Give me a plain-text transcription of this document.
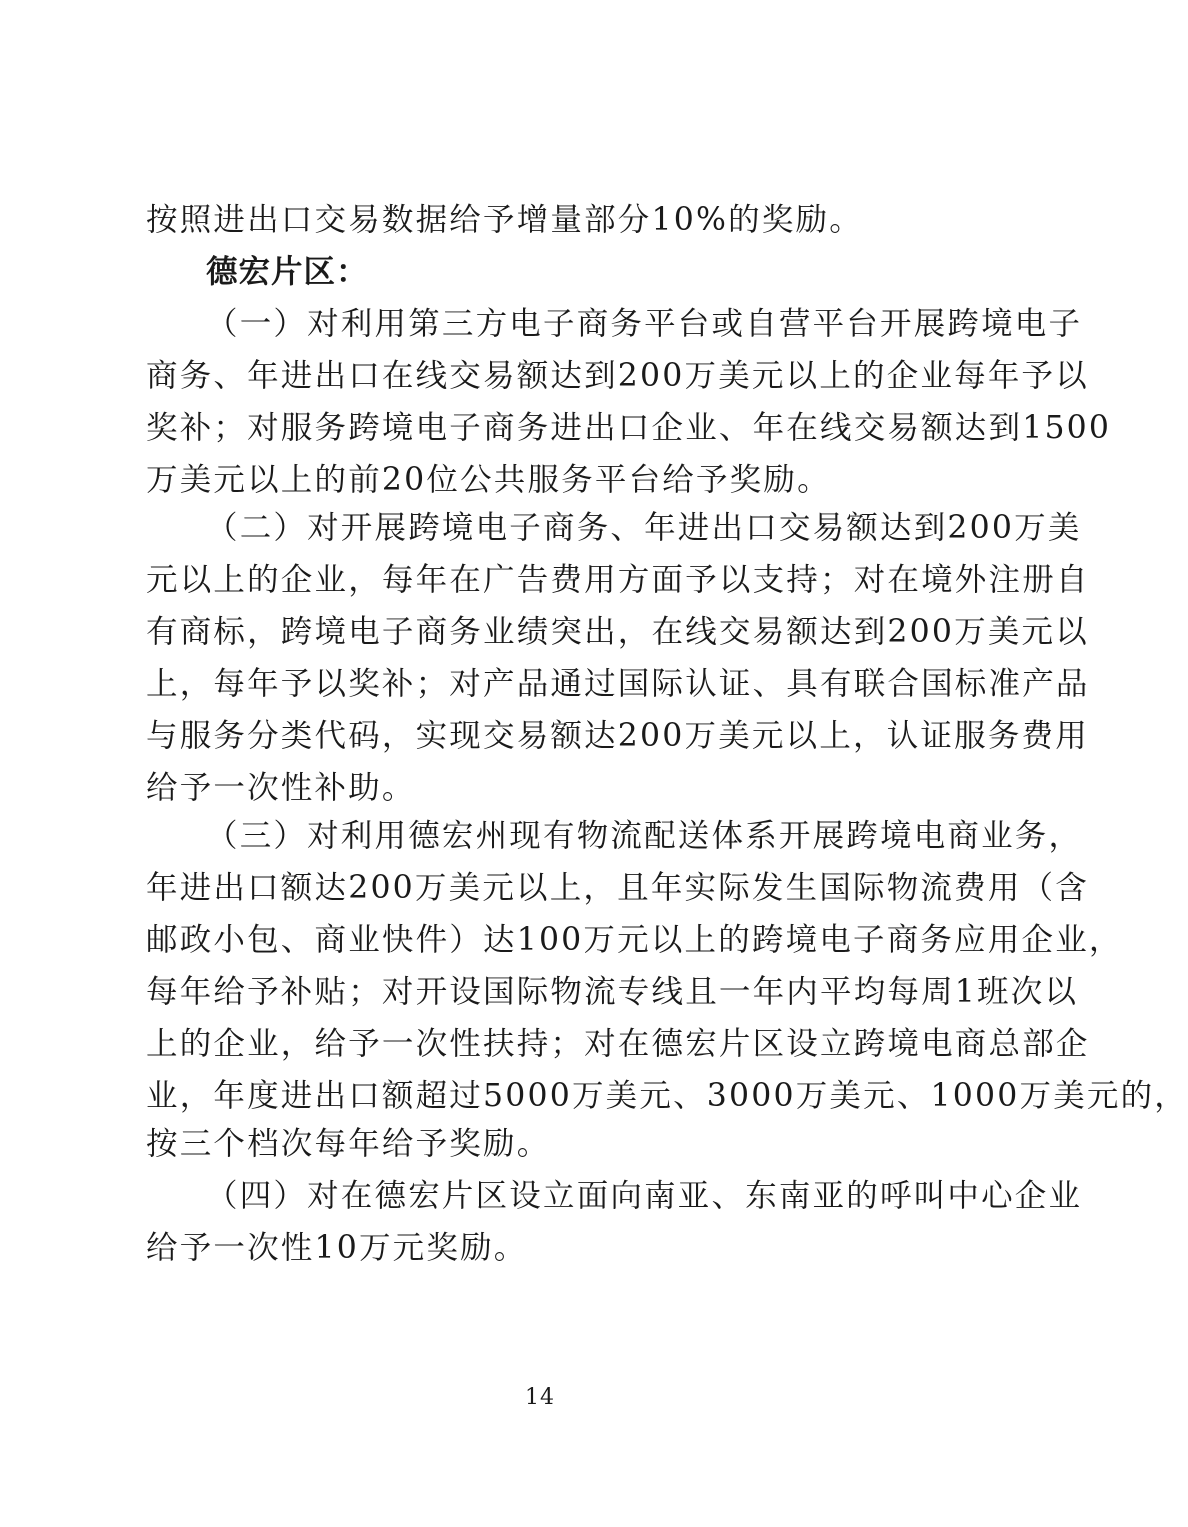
按照进出口交易数据给予增量部分10%的奖励。
德宏片区：
（一）对利用第三方电子商务平台或自营平台开展跨境电子
商务、年进出口在线交易额达到200万美元以上的企业每年予以
奖补；对服务跨境电子商务进出口企业、年在线交易额达到1500
万美元以上的前20位公共服务平台给予奖励。
（二）对开展跨境电子商务、年进出口交易额达到200万美
元以上的企业，每年在广告费用方面予以支持；对在境外注册自
有商标，跨境电子商务业绩突出，在线交易额达到200万美元以
上，每年予以奖补；对产品通过国际认证、具有联合国标准产品
与服务分类代码，实现交易额达200万美元以上，认证服务费用
给予一次性补助。
（三）对利用德宏州现有物流配送体系开展跨境电商业务，
年进出口额达200万美元以上，且年实际发生国际物流费用（含
邮政小包、商业快件）达100万元以上的跨境电子商务应用企业，
每年给予补贴；对开设国际物流专线且一年内平均每周1班次以
上的企业，给予一次性扶持；对在德宏片区设立跨境电商总部企
业，年度进出口额超过5000万美元、3000万美元、1000万美元的，
按三个档次每年给予奖励。
（四）对在德宏片区设立面向南亚、东南亚的呼叫中心企业
给予一次性10万元奖励。
14
